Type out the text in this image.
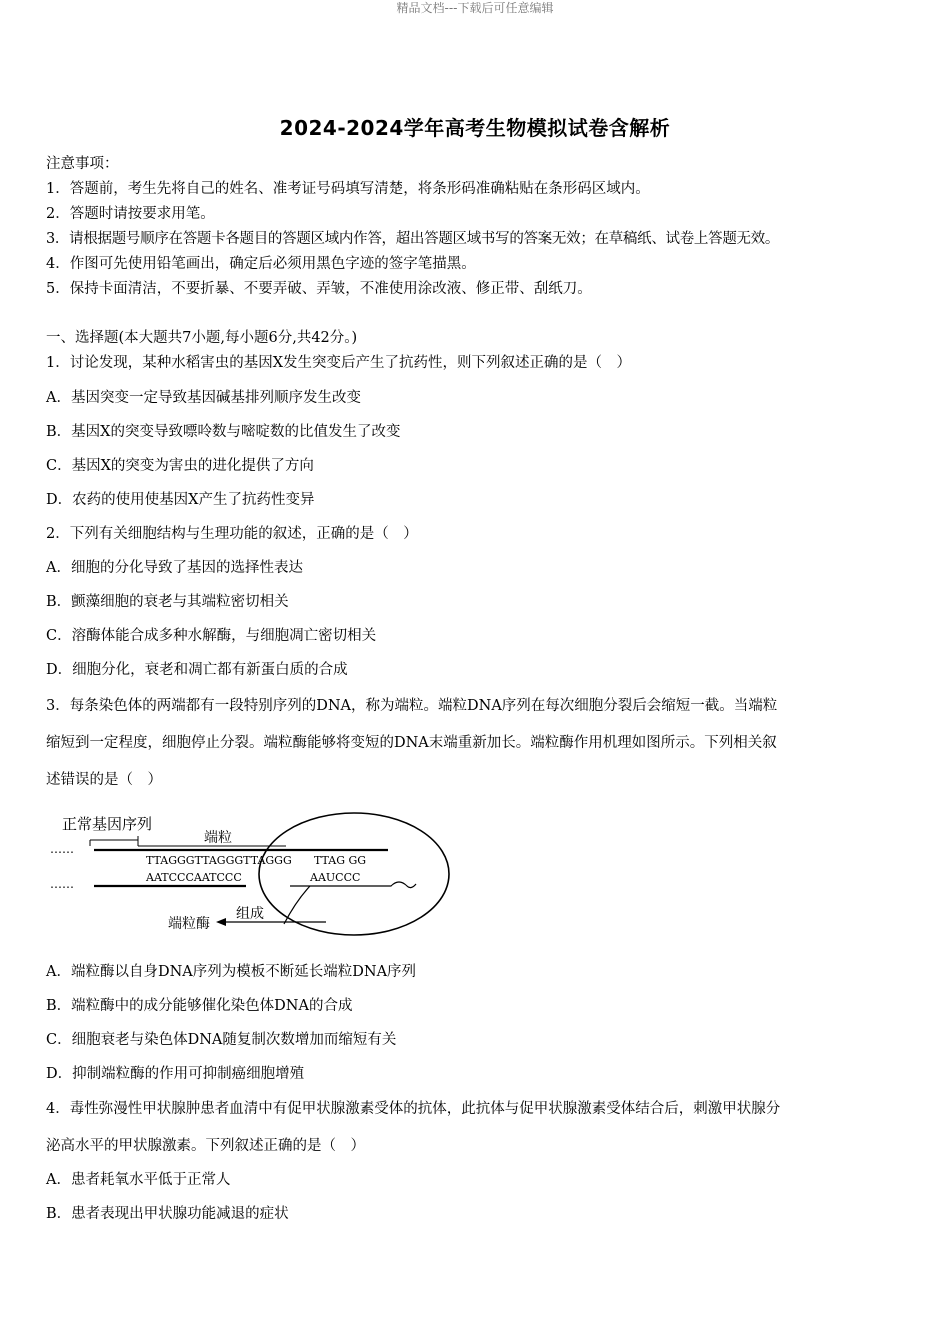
精品文档---下载后可任意编辑
2024-2024学年高考生物模拟试卷含解析
注意事项：
1．答题前，考生先将自己的姓名、准考证号码填写清楚，将条形码准确粘贴在条形码区域内。
2．答题时请按要求用笔。
3．请根据题号顺序在答题卡各题目的答题区域内作答，超出答题区域书写的答案无效；在草稿纸、试卷上答题无效。
4．作图可先使用铅笔画出，确定后必须用黑色字迹的签字笔描黑。
5．保持卡面清洁，不要折暴、不要弄破、弄皱，不准使用涂改液、修正带、刮纸刀。
一、选择题(本大题共7小题,每小题6分,共42分。)
1．讨论发现，某种水稻害虫的基因X发生突变后产生了抗药性，则下列叙述正确的是（　）
A．基因突变一定导致基因碱基排列顺序发生改变
B．基因X的突变导致嘌呤数与嘧啶数的比值发生了改变
C．基因X的突变为害虫的进化提供了方向
D．农药的使用使基因X产生了抗药性变异
2．下列有关细胞结构与生理功能的叙述，正确的是（　）
A．细胞的分化导致了基因的选择性表达
B．颤藻细胞的衰老与其端粒密切相关
C．溶酶体能合成多种水解酶，与细胞凋亡密切相关
D．细胞分化，衰老和凋亡都有新蛋白质的合成
3．每条染色体的两端都有一段特别序列的DNA，称为端粒。端粒DNA序列在每次细胞分裂后会缩短一截。当端粒
缩短到一定程度，细胞停止分裂。端粒酶能够将变短的DNA末端重新加长。端粒酶作用机理如图所示。下列相关叙
述错误的是（　）
正常基因序列
端粒
……
TTAGGGTTAGGGTTAGGG TTAG GG
AATCCCAATCCC	AAUCCC
……
组成
端粒酶
A．端粒酶以自身DNA序列为模板不断延长端粒DNA序列
B．端粒酶中的成分能够催化染色体DNA的合成
C．细胞衰老与染色体DNA随复制次数增加而缩短有关
D．抑制端粒酶的作用可抑制癌细胞增殖
4．毒性弥漫性甲状腺肿患者血清中有促甲状腺激素受体的抗体，此抗体与促甲状腺激素受体结合后，刺激甲状腺分
泌高水平的甲状腺激素。下列叙述正确的是（　）
A．患者耗氧水平低于正常人
B．患者表现出甲状腺功能减退的症状
